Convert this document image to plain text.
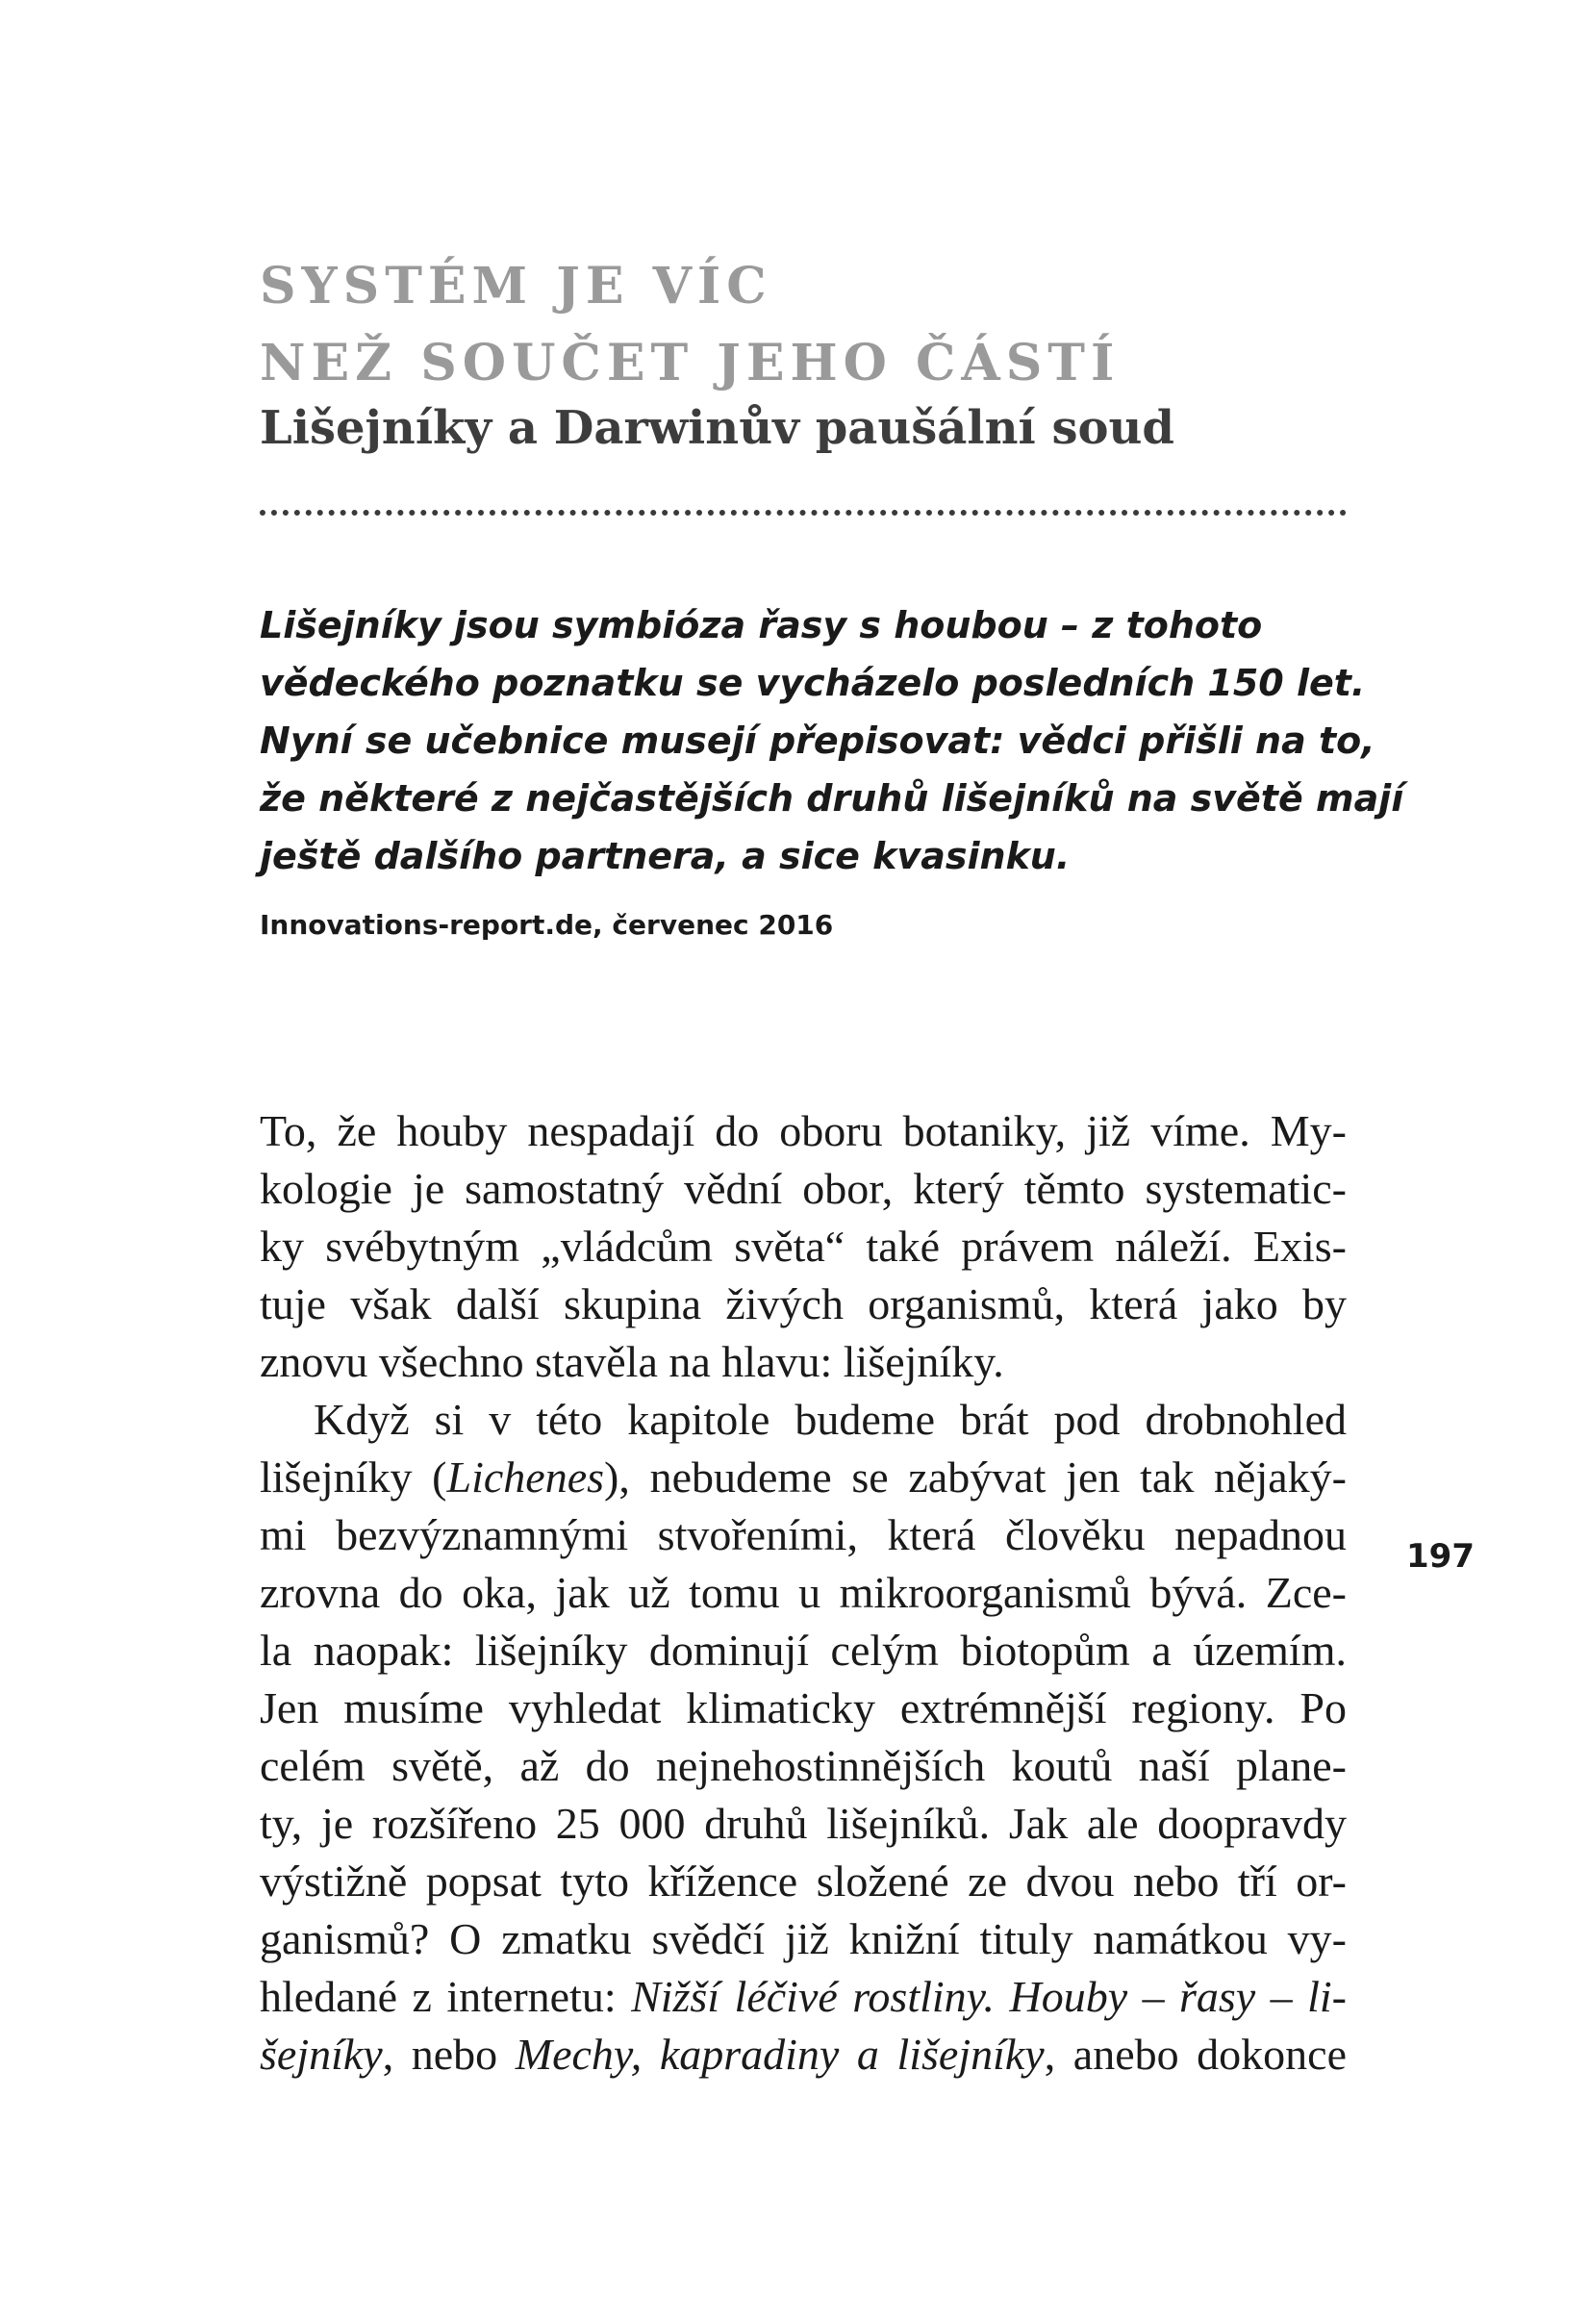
SYSTÉM JE VÍC
NEŽ SOUČET JEHO ČÁSTÍ
Lišejníky a Darwinův paušální soud
Lišejníky jsou symbióza řasy s houbou – z tohoto
vědeckého poznatku se vycházelo posledních 150 let.
Nyní se učebnice musejí přepisovat: vědci přišli na to,
že některé z nejčastějších druhů lišejníků na světě mají
ještě dalšího partnera, a sice kvasinku.
Innovations-report.de, červenec 2016
To, že houby nespadají do oboru botaniky, již víme. My-
kologie je samostatný vědní obor, který těmto systematic-
ky svébytným „vládcům světa“ také právem náleží. Exis-
tuje však další skupina živých organismů, která jako by
znovu všechno stavěla na hlavu: lišejníky.
Když si v této kapitole budeme brát pod drobnohled
lišejníky (Lichenes), nebudeme se zabývat jen tak nějaký-
mi bezvýznamnými stvořeními, která člověku nepadnou
zrovna do oka, jak už tomu u mikroorganismů bývá. Zce-
la naopak: lišejníky dominují celým biotopům a územím.
Jen musíme vyhledat klimaticky extrémnější regiony. Po
celém světě, až do nejnehostinnějších koutů naší plane-
ty, je rozšířeno 25 000 druhů lišejníků. Jak ale doopravdy
výstižně popsat tyto křížence složené ze dvou nebo tří or-
ganismů? O zmatku svědčí již knižní tituly namátkou vy-
hledané z internetu: Nižší léčivé rostliny. Houby – řasy – li-
šejníky, nebo Mechy, kapradiny a lišejníky, anebo dokonce
197
